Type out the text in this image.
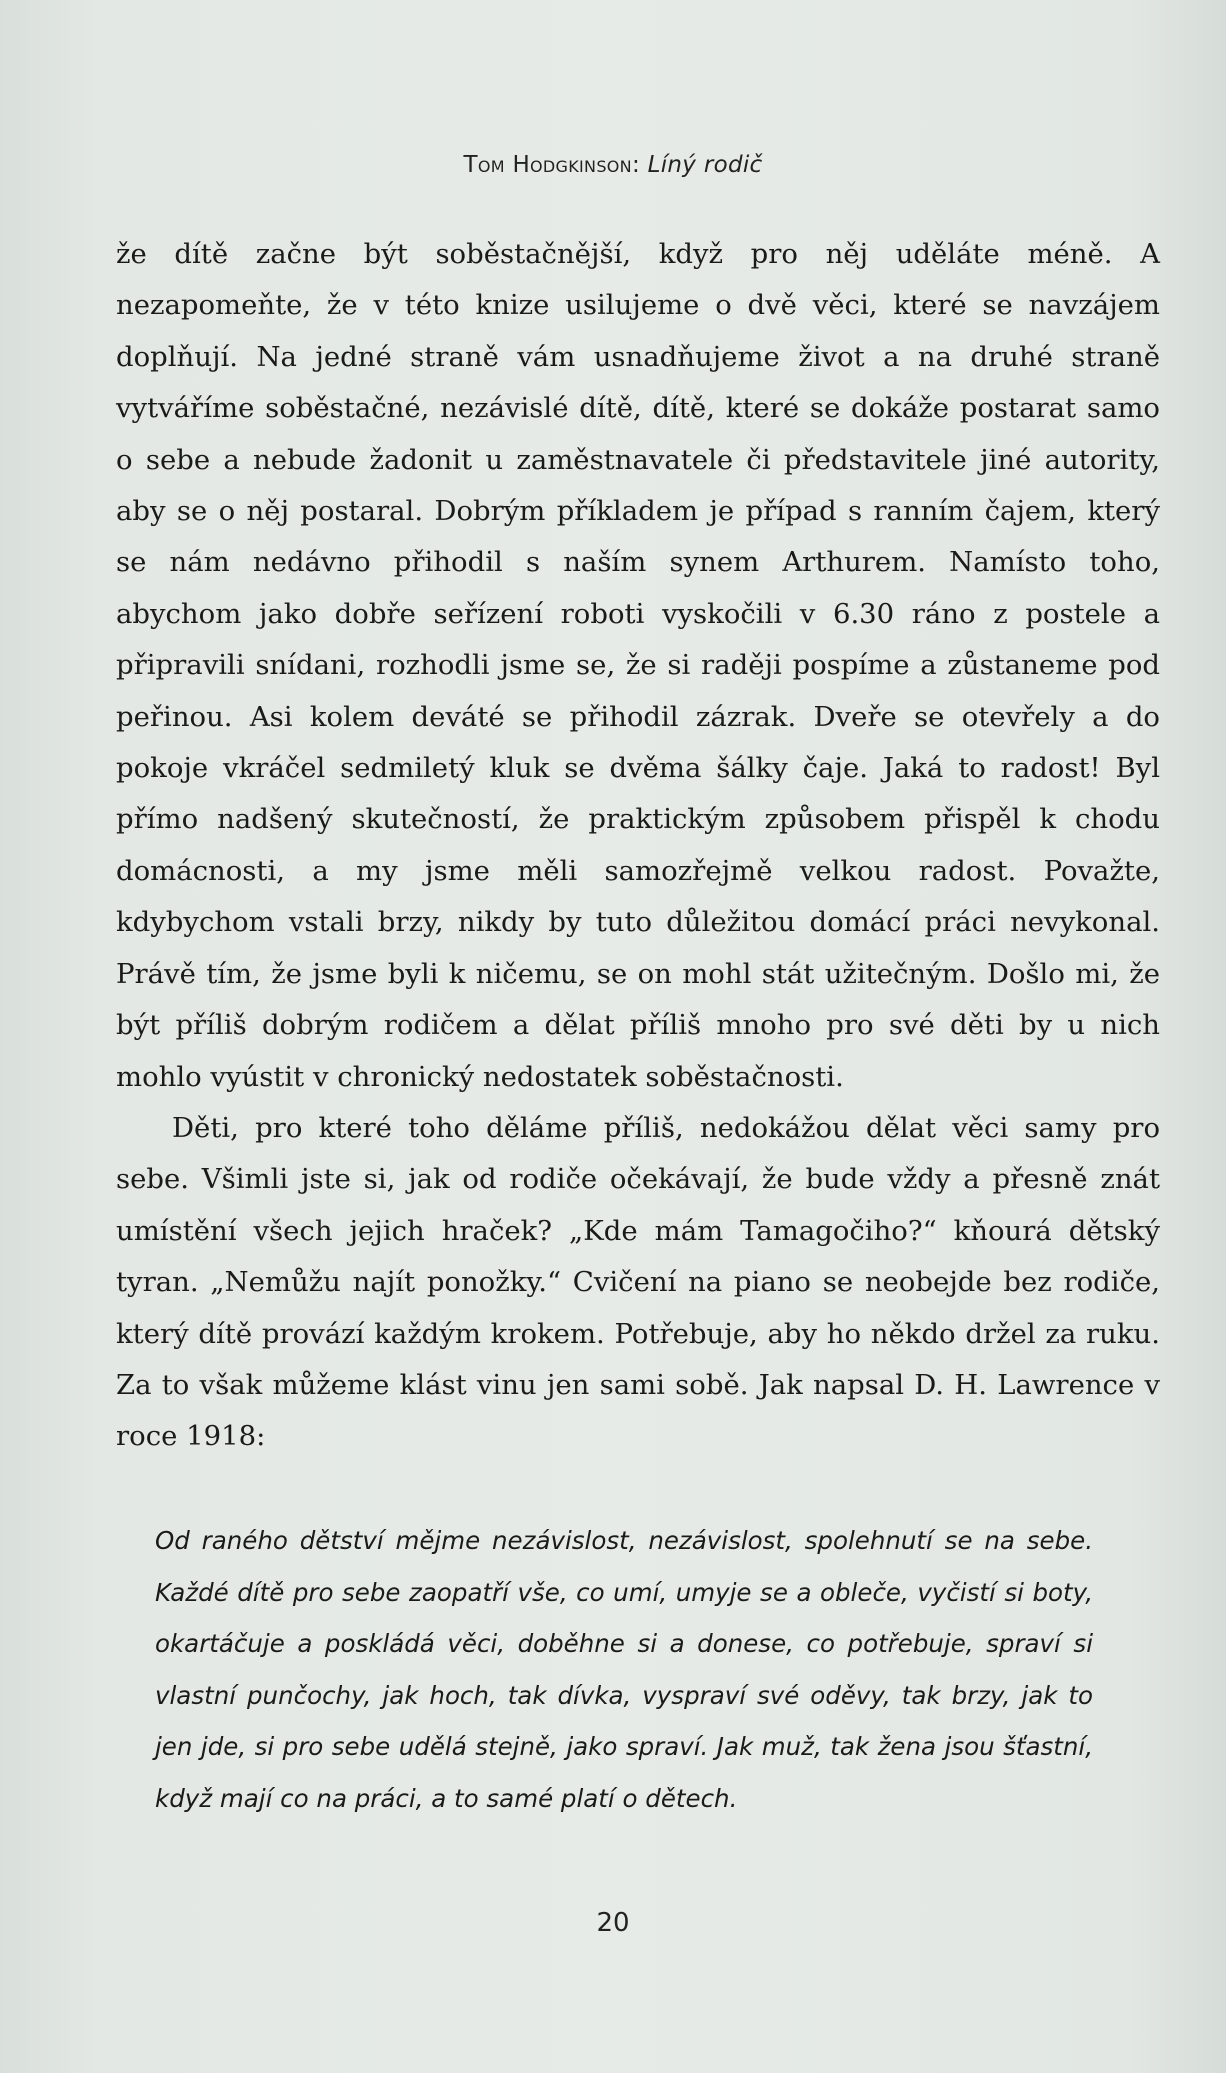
Tom Hodgkinson: Líný rodič

že dítě začne být soběstačnější, když pro něj uděláte méně. A nezapomeňte, že v této knize usilujeme o dvě věci, které se navzájem doplňují. Na jedné straně vám usnadňujeme život a na druhé straně vytváříme soběstačné, nezávislé dítě, dítě, které se dokáže postarat samo o sebe a nebude žadonit u zaměstnavatele či představitele jiné autority, aby se o něj postaral. Dobrým příkladem je případ s ranním čajem, který se nám nedávno přihodil s naším synem Arthurem. Namísto toho, abychom jako dobře seřízení roboti vyskočili v 6.30 ráno z postele a připravili snídani, rozhodli jsme se, že si raději pospíme a zůstaneme pod peřinou. Asi kolem deváté se přihodil zázrak. Dveře se otevřely a do pokoje vkráčel sedmiletý kluk se dvěma šálky čaje. Jaká to radost! Byl přímo nadšený skutečností, že praktickým způsobem přispěl k chodu domácnosti, a my jsme měli samozřejmě velkou radost. Považte, kdybychom vstali brzy, nikdy by tuto důležitou domácí práci nevykonal. Právě tím, že jsme byli k ničemu, se on mohl stát užitečným. Došlo mi, že být příliš dobrým rodičem a dělat příliš mnoho pro své děti by u nich mohlo vyústit v chronický nedostatek soběstačnosti.

Děti, pro které toho děláme příliš, nedokážou dělat věci samy pro sebe. Všimli jste si, jak od rodiče očekávají, že bude vždy a přesně znát umístění všech jejich hraček? „Kde mám Tamagočiho?“ kňourá dětský tyran. „Nemůžu najít ponožky.“ Cvičení na piano se neobejde bez rodiče, který dítě provází každým krokem. Potřebuje, aby ho někdo držel za ruku. Za to však můžeme klást vinu jen sami sobě. Jak napsal D. H. Lawrence v roce 1918:

Od raného dětství mějme nezávislost, nezávislost, spolehnutí se na sebe. Každé dítě pro sebe zaopatří vše, co umí, umyje se a obleče, vyčistí si boty, okartáčuje a poskládá věci, doběhne si a donese, co potřebuje, spraví si vlastní punčochy, jak hoch, tak dívka, vyspraví své oděvy, tak brzy, jak to jen jde, si pro sebe udělá stejně, jako spraví. Jak muž, tak žena jsou šťastní, když mají co na práci, a to samé platí o dětech.

20
